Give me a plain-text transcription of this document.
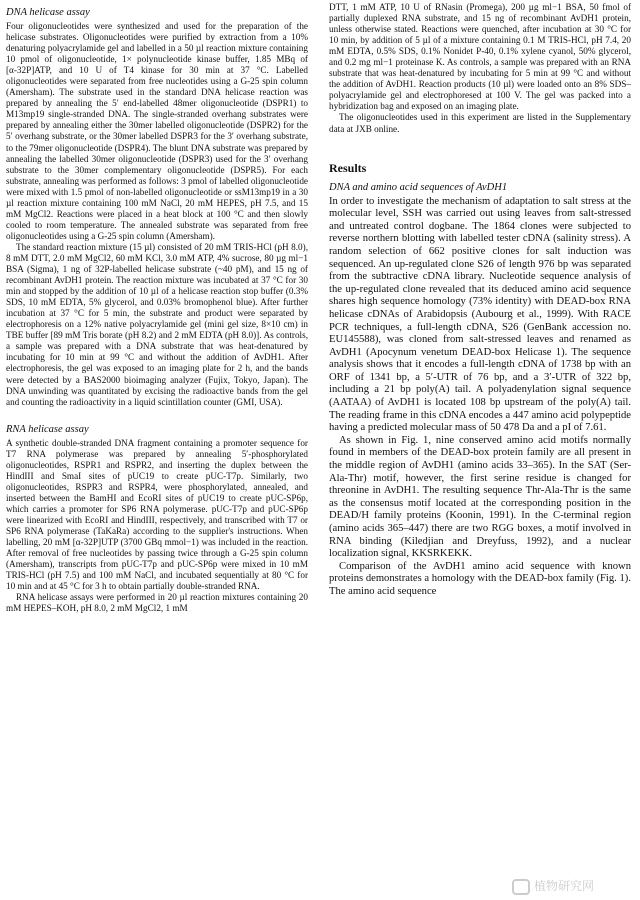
DNA helicase assay

Four oligonucleotides were synthesized and used for the preparation of the helicase substrates. Oligonucleotides were purified by extraction from a 10% denaturing polyacrylamide gel and labelled in a 50 µl reaction mixture containing 10 pmol of oligonucleotide, 1× polynucleotide kinase buffer, 1.85 MBq of [α-32P]ATP, and 10 U of T4 kinase for 30 min at 37 °C. Labelled oligonucleotides were separated from free nucleotides using a G-25 spin column (Amersham). The substrate used in the standard DNA helicase reaction was prepared by annealing the 5′ end-labelled 48mer oligonucleotide (DSPR1) to M13mp19 single-stranded DNA. The single-stranded overhang substrates were prepared by annealing either the 30mer labelled oligonucleotide (DSPR2) for the 5′ overhang substrate, or the 30mer labelled DSPR3 for the 3′ overhang substrate, to the 79mer oligonucleotide (DSPR4). The blunt DNA substrate was prepared by annealing the labelled 30mer oligonucleotide (DSPR3) used for the 3′ overhang substrate to the 30mer complementary oligonucleotide (DSPR5). For each substrate, annealing was performed as follows: 3 pmol of labelled oligonucleotide were mixed with 1.5 pmol of non-labelled oligonucleotide or ssM13mp19 in a 30 µl reaction mixture containing 100 mM NaCl, 20 mM HEPES, pH 7.5, and 15 mM MgCl2. Reactions were placed in a heat block at 100 °C and then slowly cooled to room temperature. The annealed substrate was separated from free oligonucleotides using a G-25 spin column (Amersham).

The standard reaction mixture (15 µl) consisted of 20 mM TRIS-HCl (pH 8.0), 8 mM DTT, 2.0 mM MgCl2, 60 mM KCl, 3.0 mM ATP, 4% sucrose, 80 µg ml−1 BSA (Sigma), 1 ng of 32P-labelled helicase substrate (~40 pM), and 15 ng of recombinant AvDH1 protein. The reaction mixture was incubated at 37 °C for 30 min and stopped by the addition of 10 µl of a helicase reaction stop buffer (0.3% SDS, 10 mM EDTA, 5% glycerol, and 0.03% bromophenol blue). After further incubation at 37 °C for 5 min, the substrate and product were separated by electrophoresis on a 12% native polyacrylamide gel (mini gel size, 8×10 cm) in TBE buffer [89 mM Tris borate (pH 8.2) and 2 mM EDTA (pH 8.0)]. As controls, a sample was prepared with a DNA substrate that was heat-denatured by incubating for 10 min at 99 °C and without the addition of AvDH1. After electrophoresis, the gel was exposed to an imaging plate for 2 h, and the bands were detected by a BAS2000 bioimaging analyzer (Fujix, Tokyo, Japan). The DNA unwinding was quantitated by excising the radioactive bands from the gel and counting the radioactivity in a liquid scintillation counter (GMI, USA).

RNA helicase assay

A synthetic double-stranded DNA fragment containing a promoter sequence for T7 RNA polymerase was prepared by annealing 5′-phosphorylated oligonucleotides, RSPR1 and RSPR2, and inserting the duplex between the HindIII and SmaI sites of pUC19 to create pUC-T7p. Similarly, two oligonucleotides, RSPR3 and RSPR4, were phosphorylated, annealed, and inserted between the BamHI and EcoRI sites of pUC19 to create pUC-SP6p, which carries a promoter for SP6 RNA polymerase. pUC-T7p and pUC-SP6p were linearized with EcoRI and HindIII, respectively, and transcribed with T7 or SP6 RNA polymerase (TaKaRa) according to the supplier's instructions. When labelling, 20 mM [α-32P]UTP (3700 GBq mmol−1) was included in the reaction. After removal of free nucleotides by passing twice through a G-25 spin column (Amersham), transcripts from pUC-T7p and pUC-SP6p were mixed in 10 mM TRIS-HCl (pH 7.5) and 100 mM NaCl, and incubated sequentially at 80 °C for 10 min and at 45 °C for 3 h to obtain partially double-stranded RNA.

RNA helicase assays were performed in 20 µl reaction mixtures containing 20 mM HEPES–KOH, pH 8.0, 2 mM MgCl2, 1 mM

DTT, 1 mM ATP, 10 U of RNasin (Promega), 200 µg ml−1 BSA, 50 fmol of partially duplexed RNA substrate, and 15 ng of recombinant AvDH1 protein, unless otherwise stated. Reactions were quenched, after incubation at 30 °C for 10 min, by addition of 5 µl of a mixture containing 0.1 M TRIS-HCl, pH 7.4, 20 mM EDTA, 0.5% SDS, 0.1% Nonidet P-40, 0.1% xylene cyanol, 50% glycerol, and 0.2 mg ml−1 proteinase K. As controls, a sample was prepared with an RNA substrate that was heat-denatured by incubating for 5 min at 99 °C and without the addition of AvDH1. Reaction products (10 µl) were loaded onto an 8% SDS–polyacrylamide gel and electrophoresed at 100 V. The gel was packed into a hybridization bag and exposed on an imaging plate.

The oligonucleotides used in this experiment are listed in the Supplementary data at JXB online.

Results
DNA and amino acid sequences of AvDH1

In order to investigate the mechanism of adaptation to salt stress at the molecular level, SSH was carried out using leaves from salt-stressed and untreated control dogbane. The 1864 clones were subjected to reverse northern blotting with labelled tester cDNA (salinity stress). A random selection of 662 positive clones for salt induction was sequenced. An up-regulated clone S26 of length 976 bp was separated from the subtractive cDNA library. Nucleotide sequence analysis of the up-regulated clone revealed that its deduced amino acid sequence shares high sequence homology (73% identity) with DEAD-box RNA helicase cDNAs of Arabidopsis (Aubourg et al., 1999). With RACE PCR techniques, a full-length cDNA, S26 (GenBank accession no. EU145588), was cloned from salt-stressed leaves and renamed as AvDH1 (Apocynum venetum DEAD-box Helicase 1). The sequence analysis shows that it encodes a full-length cDNA of 1738 bp with an ORF of 1341 bp, a 5′-UTR of 76 bp, and a 3′-UTR of 322 bp, including a 21 bp poly(A) tail. A polyadenylation signal sequence (AATAA) of AvDH1 is located 108 bp upstream of the poly(A) tail. The reading frame in this cDNA encodes a 447 amino acid polypeptide having a predicted molecular mass of 50 478 Da and a pI of 7.61.

As shown in Fig. 1, nine conserved amino acid motifs normally found in members of the DEAD-box protein family are all present in the middle region of AvDH1 (amino acids 33–365). In the SAT (Ser-Ala-Thr) motif, however, the first serine residue is changed for threonine in AvDH1. The resulting sequence Thr-Ala-Thr is the same as the consensus motif located at the corresponding position in the DEAD/H family proteins (Koonin, 1991). In the C-terminal region (amino acids 365–447) there are two RGG boxes, a motif involved in RNA binding (Kiledjian and Dreyfuss, 1992), and a nuclear localization signal, KKSRKEKK.

Comparison of the AvDH1 amino acid sequence with known proteins demonstrates a homology with the DEAD-box family (Fig. 1). The amino acid sequence

植物研究网
